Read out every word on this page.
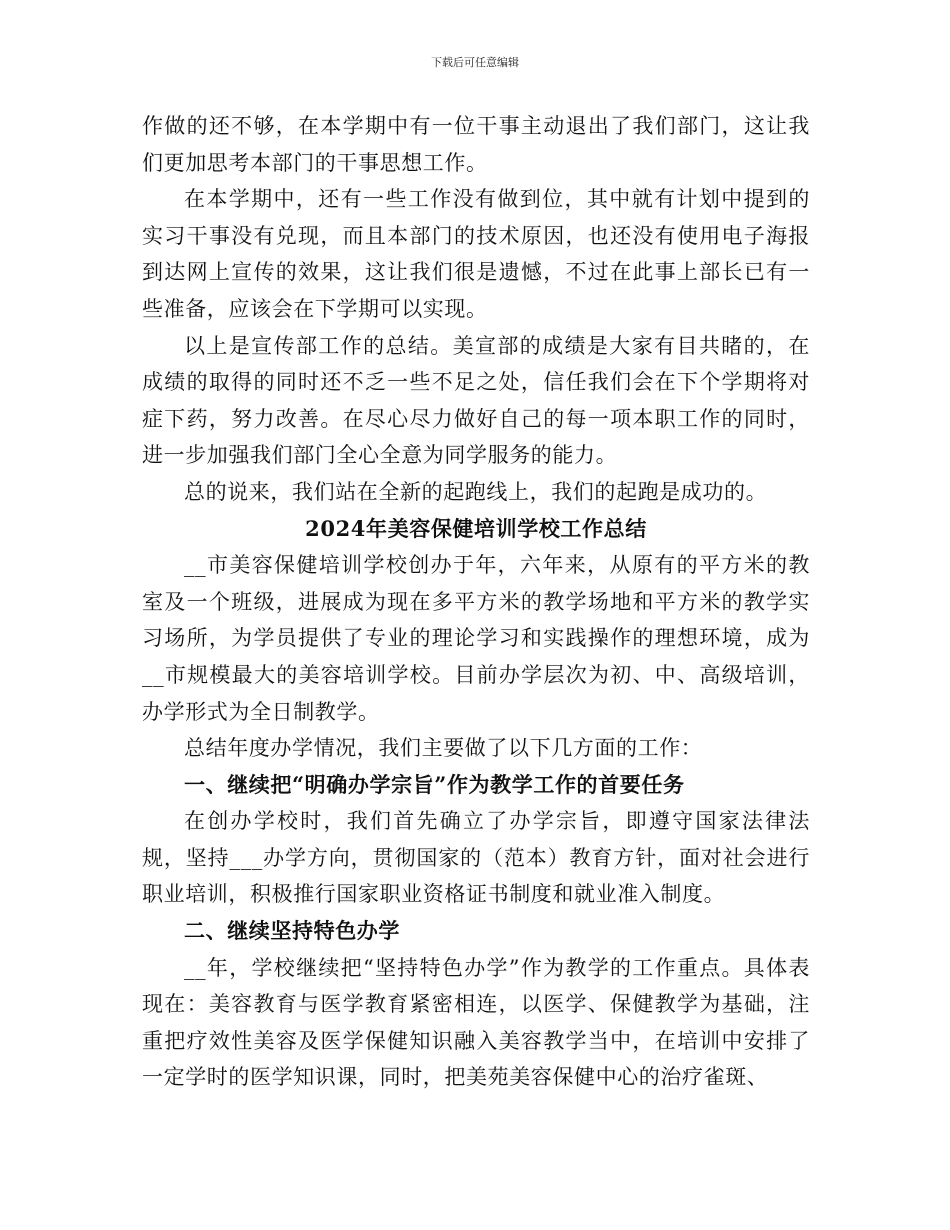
下载后可任意编辑

作做的还不够，在本学期中有一位干事主动退出了我们部门，这让我们更加思考本部门的干事思想工作。

在本学期中，还有一些工作没有做到位，其中就有计划中提到的实习干事没有兑现，而且本部门的技术原因，也还没有使用电子海报到达网上宣传的效果，这让我们很是遗憾，不过在此事上部长已有一些准备，应该会在下学期可以实现。

以上是宣传部工作的总结。美宣部的成绩是大家有目共睹的，在成绩的取得的同时还不乏一些不足之处，信任我们会在下个学期将对症下药，努力改善。在尽心尽力做好自己的每一项本职工作的同时，进一步加强我们部门全心全意为同学服务的能力。

总的说来，我们站在全新的起跑线上，我们的起跑是成功的。

2024年美容保健培训学校工作总结

__市美容保健培训学校创办于年，六年来，从原有的平方米的教室及一个班级，进展成为现在多平方米的教学场地和平方米的教学实习场所，为学员提供了专业的理论学习和实践操作的理想环境，成为__市规模最大的美容培训学校。目前办学层次为初、中、高级培训，办学形式为全日制教学。

总结年度办学情况，我们主要做了以下几方面的工作：

一、继续把“明确办学宗旨”作为教学工作的首要任务

在创办学校时，我们首先确立了办学宗旨，即遵守国家法律法规，坚持___办学方向，贯彻国家的（范本）教育方针，面对社会进行职业培训，积极推行国家职业资格证书制度和就业准入制度。

二、继续坚持特色办学

__年，学校继续把“坚持特色办学”作为教学的工作重点。具体表现在：美容教育与医学教育紧密相连，以医学、保健教学为基础，注重把疗效性美容及医学保健知识融入美容教学当中，在培训中安排了一定学时的医学知识课，同时，把美苑美容保健中心的治疗雀斑、
